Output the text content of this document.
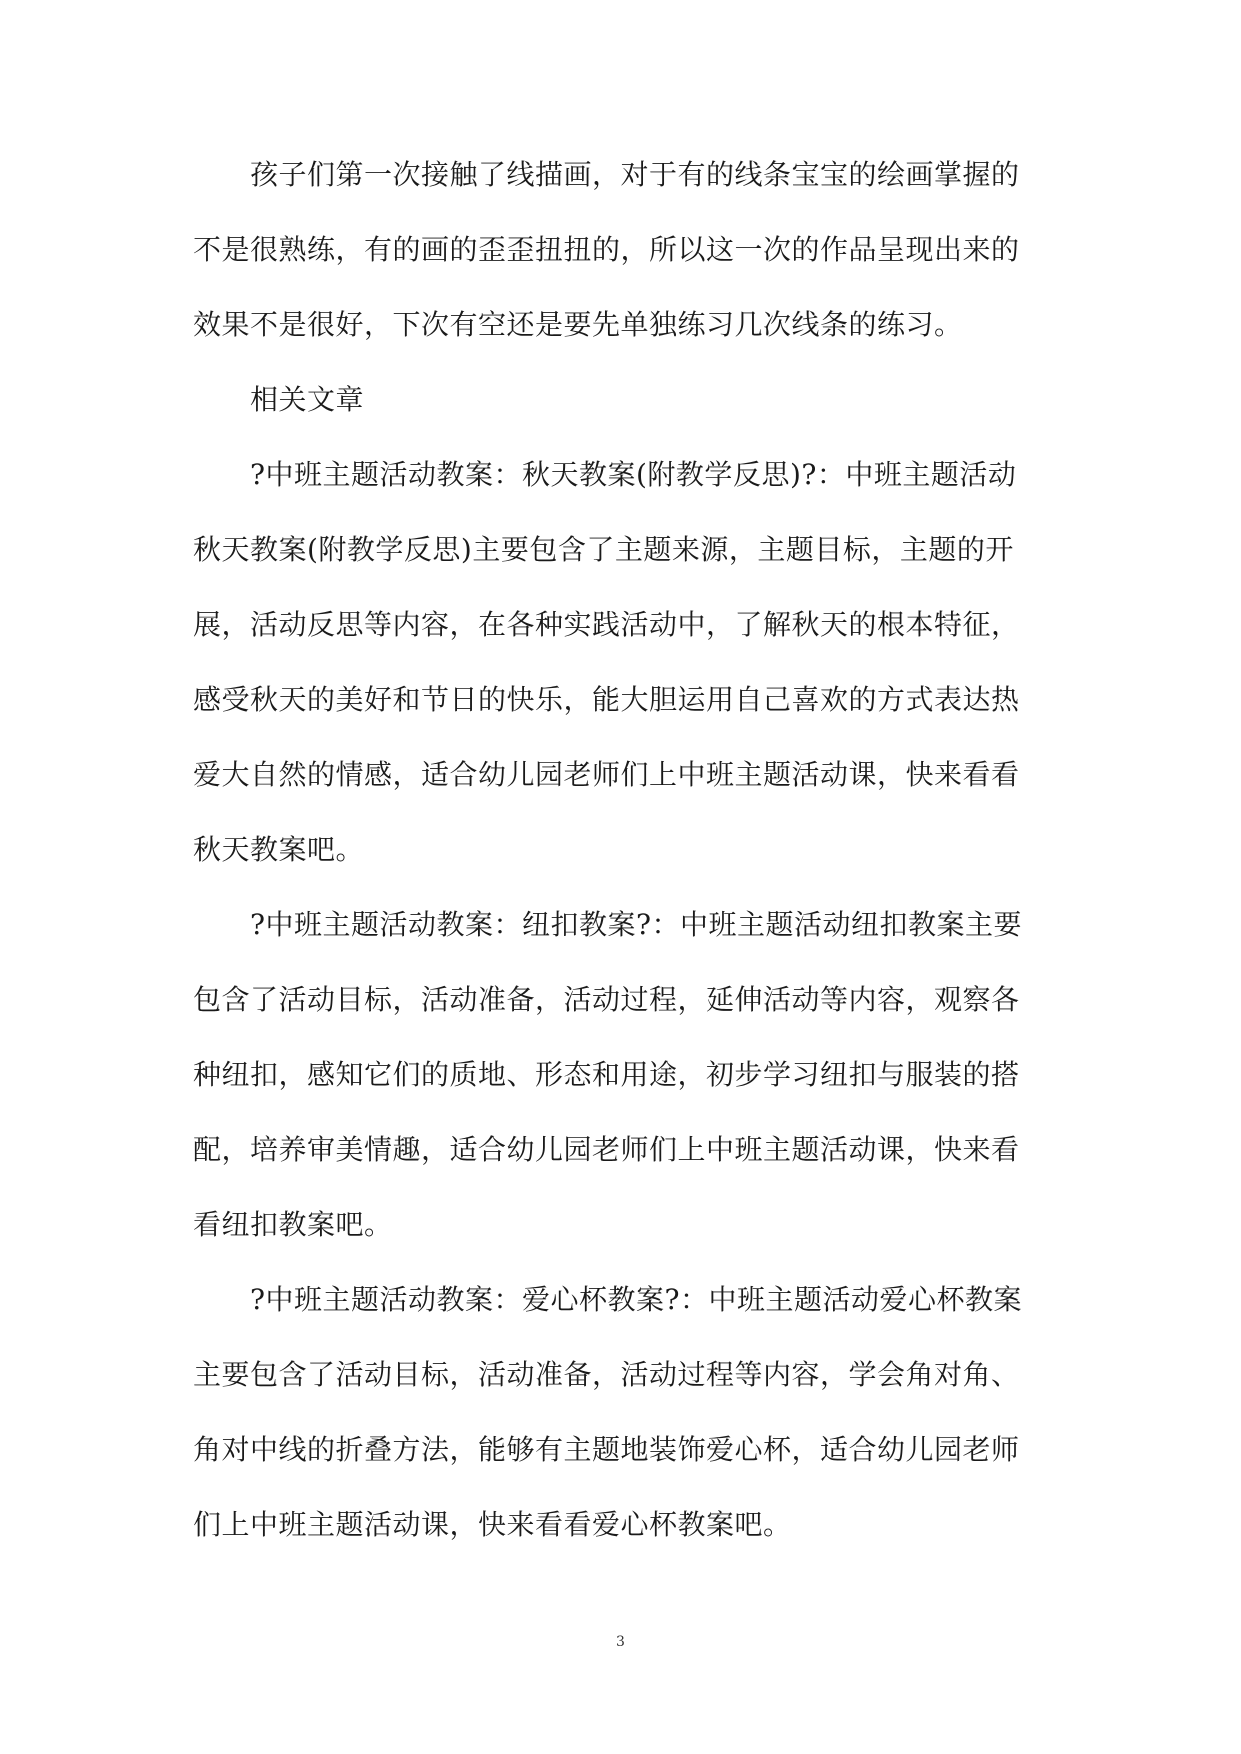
孩子们第一次接触了线描画，对于有的线条宝宝的绘画掌握的
不是很熟练，有的画的歪歪扭扭的，所以这一次的作品呈现出来的
效果不是很好，下次有空还是要先单独练习几次线条的练习。
相关文章
?中班主题活动教案：秋天教案(附教学反思)?：中班主题活动
秋天教案(附教学反思)主要包含了主题来源，主题目标，主题的开
展，活动反思等内容，在各种实践活动中，了解秋天的根本特征，
感受秋天的美好和节日的快乐，能大胆运用自己喜欢的方式表达热
爱大自然的情感，适合幼儿园老师们上中班主题活动课，快来看看
秋天教案吧。
?中班主题活动教案：纽扣教案?：中班主题活动纽扣教案主要
包含了活动目标，活动准备，活动过程，延伸活动等内容，观察各
种纽扣，感知它们的质地、形态和用途，初步学习纽扣与服装的搭
配，培养审美情趣，适合幼儿园老师们上中班主题活动课，快来看
看纽扣教案吧。
?中班主题活动教案：爱心杯教案?：中班主题活动爱心杯教案
主要包含了活动目标，活动准备，活动过程等内容，学会角对角、
角对中线的折叠方法，能够有主题地装饰爱心杯，适合幼儿园老师
们上中班主题活动课，快来看看爱心杯教案吧。
3
